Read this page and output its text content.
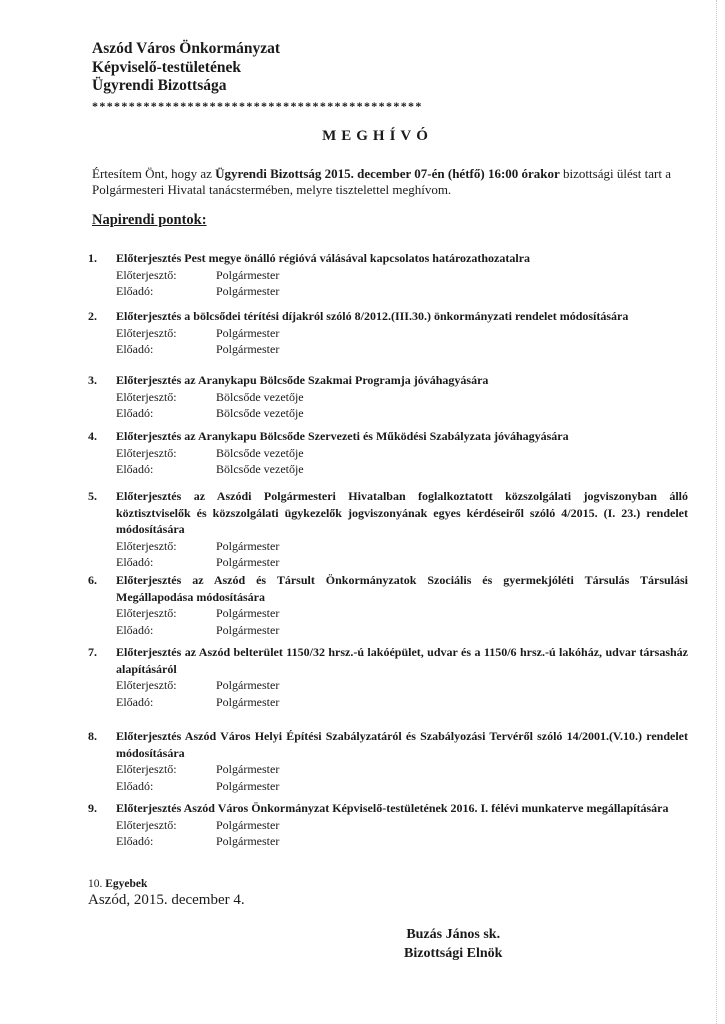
Aszód Város Önkormányzat
Képviselő-testületének
Ügyrendi Bizottsága
*********************************************
MEGHÍVÓ
Értesítem Önt, hogy az Ügyrendi Bizottság 2015. december 07-én (hétfő) 16:00 órakor bizottsági ülést tart a Polgármesteri Hivatal tanácstermében, melyre tisztelettel meghívom.
Napirendi pontok:
1. Előterjesztés Pest megye önálló régióvá válásával kapcsolatos határozathozatalra
Előterjesztő:	Polgármester
Előadó:	Polgármester
2. Előterjesztés a bölcsődei térítési díjakról szóló 8/2012.(III.30.) önkormányzati rendelet módosítására
Előterjesztő:	Polgármester
Előadó:	Polgármester
3. Előterjesztés az Aranykapu Bölcsőde Szakmai Programja jóváhagyására
Előterjesztő:	Bölcsőde vezetője
Előadó:	Bölcsőde vezetője
4. Előterjesztés az Aranykapu Bölcsőde Szervezeti és Működési Szabályzata jóváhagyására
Előterjesztő:	Bölcsőde vezetője
Előadó:	Bölcsőde vezetője
5. Előterjesztés az Aszódi Polgármesteri Hivatalban foglalkoztatott közszolgálati jogviszonyban álló köztisztviselők és közszolgálati ügykezelők jogviszonyának egyes kérdéseiről szóló 4/2015. (I. 23.) rendelet módosítására
Előterjesztő:	Polgármester
Előadó:	Polgármester
6. Előterjesztés az Aszód és Társult Önkormányzatok Szociális és gyermekjóléti Társulás Társulási Megállapodása módosítására
Előterjesztő:	Polgármester
Előadó:	Polgármester
7. Előterjesztés az Aszód belterület 1150/32 hrsz.-ú lakóépület, udvar és a 1150/6 hrsz.-ú lakóház, udvar társasház alapításáról
Előterjesztő:	Polgármester
Előadó:	Polgármester
8. Előterjesztés Aszód Város Helyi Építési Szabályzatáról és Szabályozási Tervéről szóló 14/2001.(V.10.) rendelet módosítására
Előterjesztő:	Polgármester
Előadó:	Polgármester
9. Előterjesztés Aszód Város Önkormányzat Képviselő-testületének 2016. I. félévi munkaterve megállapítására
Előterjesztő:	Polgármester
Előadó:	Polgármester
10. Egyebek
Aszód, 2015. december 4.
Buzás János sk.
Bizottsági Elnök
